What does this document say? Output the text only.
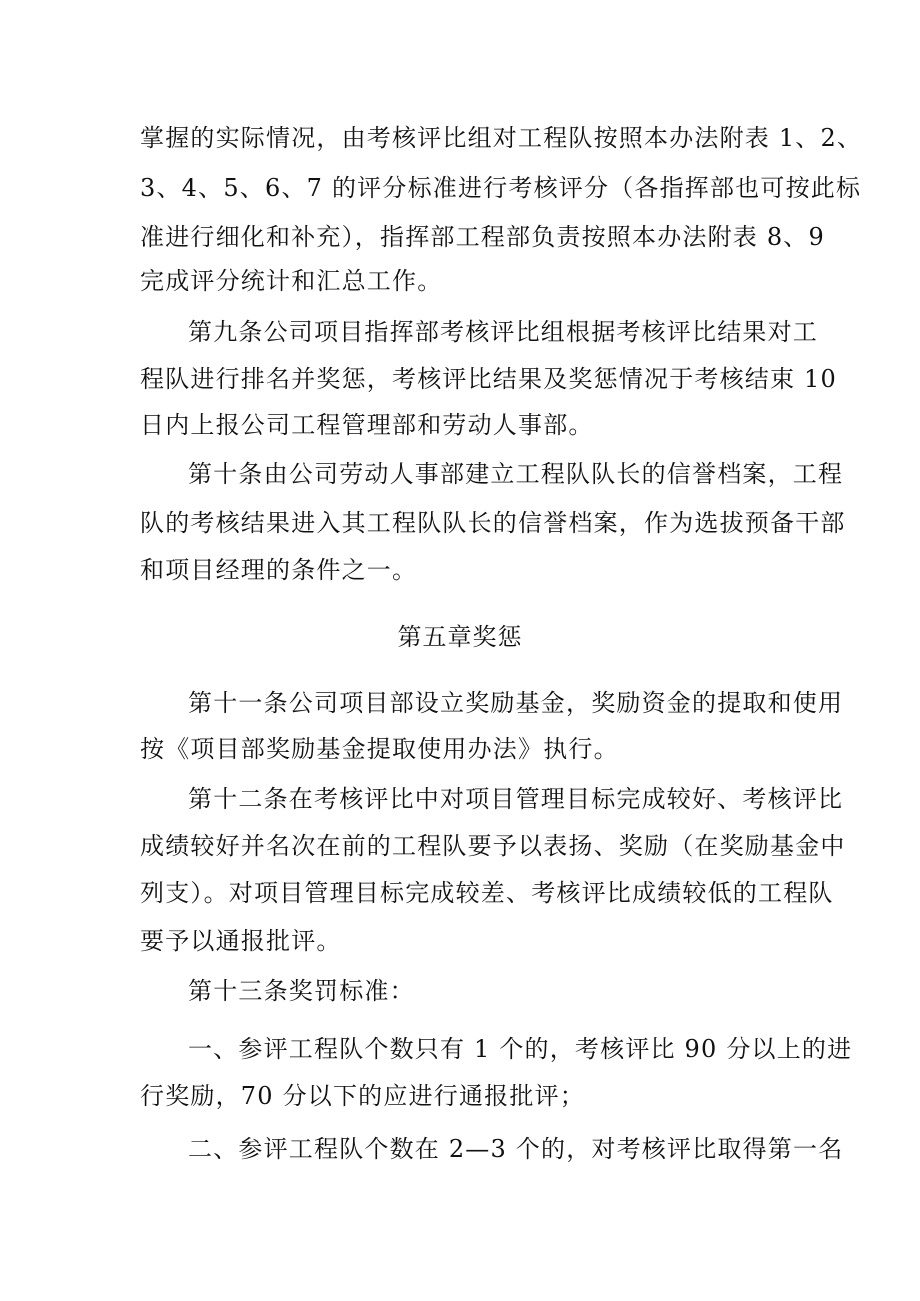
掌握的实际情况，由考核评比组对工程队按照本办法附表 1、2、
3、4、5、6、7 的评分标准进行考核评分（各指挥部也可按此标
准进行细化和补充），指挥部工程部负责按照本办法附表 8、9
完成评分统计和汇总工作。
第九条公司项目指挥部考核评比组根据考核评比结果对工
程队进行排名并奖惩，考核评比结果及奖惩情况于考核结束 10
日内上报公司工程管理部和劳动人事部。
第十条由公司劳动人事部建立工程队队长的信誉档案，工程
队的考核结果进入其工程队队长的信誉档案，作为选拔预备干部
和项目经理的条件之一。
第五章奖惩
第十一条公司项目部设立奖励基金，奖励资金的提取和使用
按《项目部奖励基金提取使用办法》执行。
第十二条在考核评比中对项目管理目标完成较好、考核评比
成绩较好并名次在前的工程队要予以表扬、奖励（在奖励基金中
列支）。对项目管理目标完成较差、考核评比成绩较低的工程队
要予以通报批评。
第十三条奖罚标准：
一、参评工程队个数只有 1 个的，考核评比 90 分以上的进
行奖励，70 分以下的应进行通报批评；
二、参评工程队个数在 2—3 个的，对考核评比取得第一名
